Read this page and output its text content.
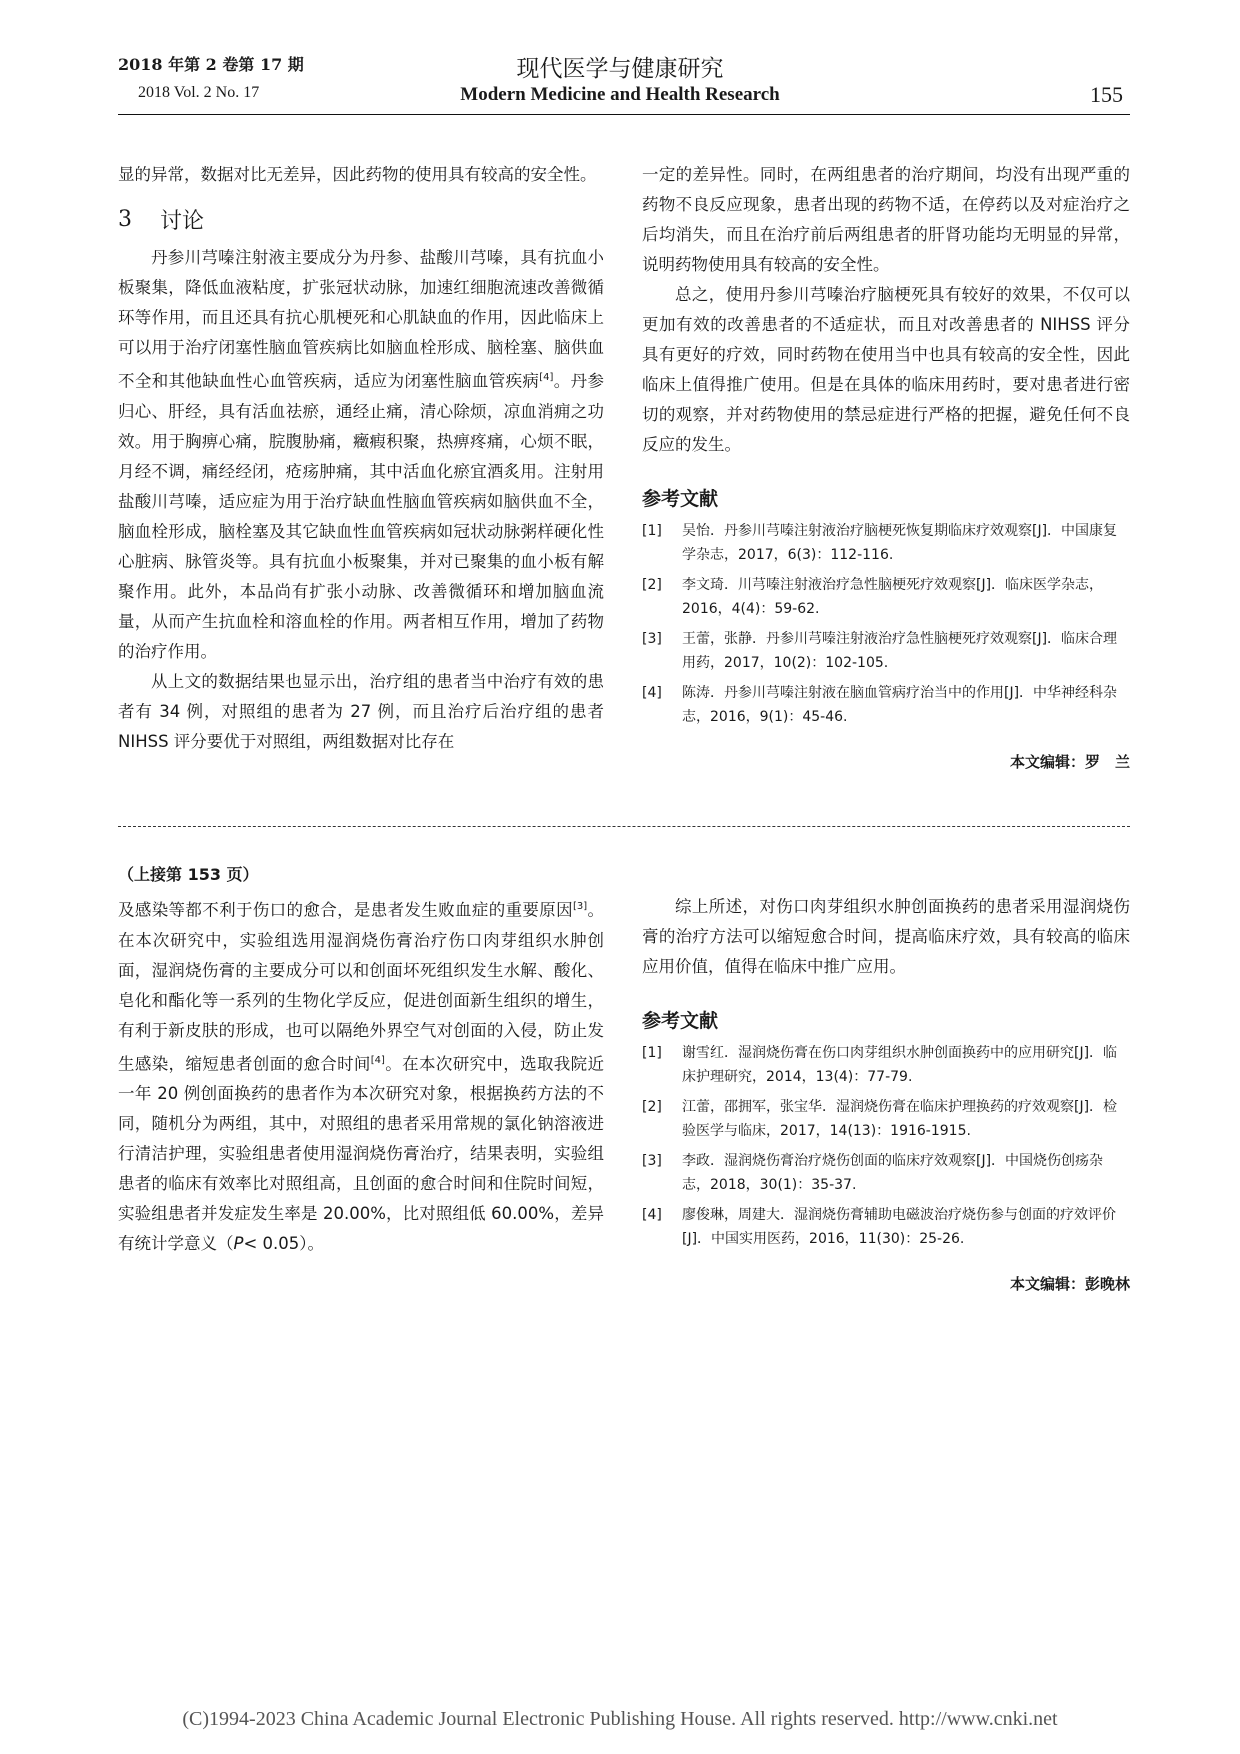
2018 年第 2 卷第 17 期
2018 Vol. 2 No. 17
现代医学与健康研究
Modern Medicine and Health Research	155

显的异常，数据对比无差异，因此药物的使用具有较高的安全性。

3	讨论

丹参川芎嗪注射液主要成分为丹参、盐酸川芎嗪，具有抗血小板聚集，降低血液粘度，扩张冠状动脉，加速红细胞流速改善微循环等作用，而且还具有抗心肌梗死和心肌缺血的作用，因此临床上可以用于治疗闭塞性脑血管疾病比如脑血栓形成、脑栓塞、脑供血不全和其他缺血性心血管疾病，适应为闭塞性脑血管疾病[4]。丹参归心、肝经，具有活血祛瘀，通经止痛，清心除烦，凉血消痈之功效。用于胸痹心痛，脘腹胁痛，癥瘕积聚，热痹疼痛，心烦不眠，月经不调，痛经经闭，疮疡肿痛，其中活血化瘀宜酒炙用。注射用盐酸川芎嗪，适应症为用于治疗缺血性脑血管疾病如脑供血不全，脑血栓形成，脑栓塞及其它缺血性血管疾病如冠状动脉粥样硬化性心脏病、脉管炎等。具有抗血小板聚集，并对已聚集的血小板有解聚作用。此外，本品尚有扩张小动脉、改善微循环和增加脑血流量，从而产生抗血栓和溶血栓的作用。两者相互作用，增加了药物的治疗作用。

从上文的数据结果也显示出，治疗组的患者当中治疗有效的患者有 34 例，对照组的患者为 27 例，而且治疗后治疗组的患者 NIHSS 评分要优于对照组，两组数据对比存在

一定的差异性。同时，在两组患者的治疗期间，均没有出现严重的药物不良反应现象，患者出现的药物不适，在停药以及对症治疗之后均消失，而且在治疗前后两组患者的肝肾功能均无明显的异常，说明药物使用具有较高的安全性。

总之，使用丹参川芎嗪治疗脑梗死具有较好的效果，不仅可以更加有效的改善患者的不适症状，而且对改善患者的 NIHSS 评分具有更好的疗效，同时药物在使用当中也具有较高的安全性，因此临床上值得推广使用。但是在具体的临床用药时，要对患者进行密切的观察，并对药物使用的禁忌症进行严格的把握，避免任何不良反应的发生。

参考文献

[1]	吴怡．丹参川芎嗪注射液治疗脑梗死恢复期临床疗效观察[J]．中国康复学杂志，2017，6(3)：112-116.
[2]	李文琦．川芎嗪注射液治疗急性脑梗死疗效观察[J]．临床医学杂志，2016，4(4)：59-62.
[3]	王蕾，张静．丹参川芎嗪注射液治疗急性脑梗死疗效观察[J]．临床合理用药，2017，10(2)：102-105.
[4]	陈涛．丹参川芎嗪注射液在脑血管病疗治当中的作用[J]．中华神经科杂志，2016，9(1)：45-46.
本文编辑：罗　兰
（上接第 153 页）

及感染等都不利于伤口的愈合，是患者发生败血症的重要原因[3]。在本次研究中，实验组选用湿润烧伤膏治疗伤口肉芽组织水肿创面，湿润烧伤膏的主要成分可以和创面坏死组织发生水解、酸化、皂化和酯化等一系列的生物化学反应，促进创面新生组织的增生，有利于新皮肤的形成，也可以隔绝外界空气对创面的入侵，防止发生感染，缩短患者创面的愈合时间[4]。在本次研究中，选取我院近一年 20 例创面换药的患者作为本次研究对象，根据换药方法的不同，随机分为两组，其中，对照组的患者采用常规的氯化钠溶液进行清洁护理，实验组患者使用湿润烧伤膏治疗，结果表明，实验组患者的临床有效率比对照组高，且创面的愈合时间和住院时间短，实验组患者并发症发生率是 20.00%，比对照组低 60.00%，差异有统计学意义（P< 0.05）。

综上所述，对伤口肉芽组织水肿创面换药的患者采用湿润烧伤膏的治疗方法可以缩短愈合时间，提高临床疗效，具有较高的临床应用价值，值得在临床中推广应用。

参考文献

[1]	谢雪红．湿润烧伤膏在伤口肉芽组织水肿创面换药中的应用研究[J]．临床护理研究，2014，13(4)：77-79.
[2]	江蕾，邵拥军，张宝华．湿润烧伤膏在临床护理换药的疗效观察[J]．检验医学与临床，2017，14(13)：1916-1915.
[3]	李政．湿润烧伤膏治疗烧伤创面的临床疗效观察[J]．中国烧伤创疡杂志，2018，30(1)：35-37.
[4]	廖俊琳，周建大．湿润烧伤膏辅助电磁波治疗烧伤参与创面的疗效评价[J]．中国实用医药，2016，11(30)：25-26.
本文编辑：彭晚林
(C)1994-2023 China Academic Journal Electronic Publishing House. All rights reserved. http://www.cnki.net
